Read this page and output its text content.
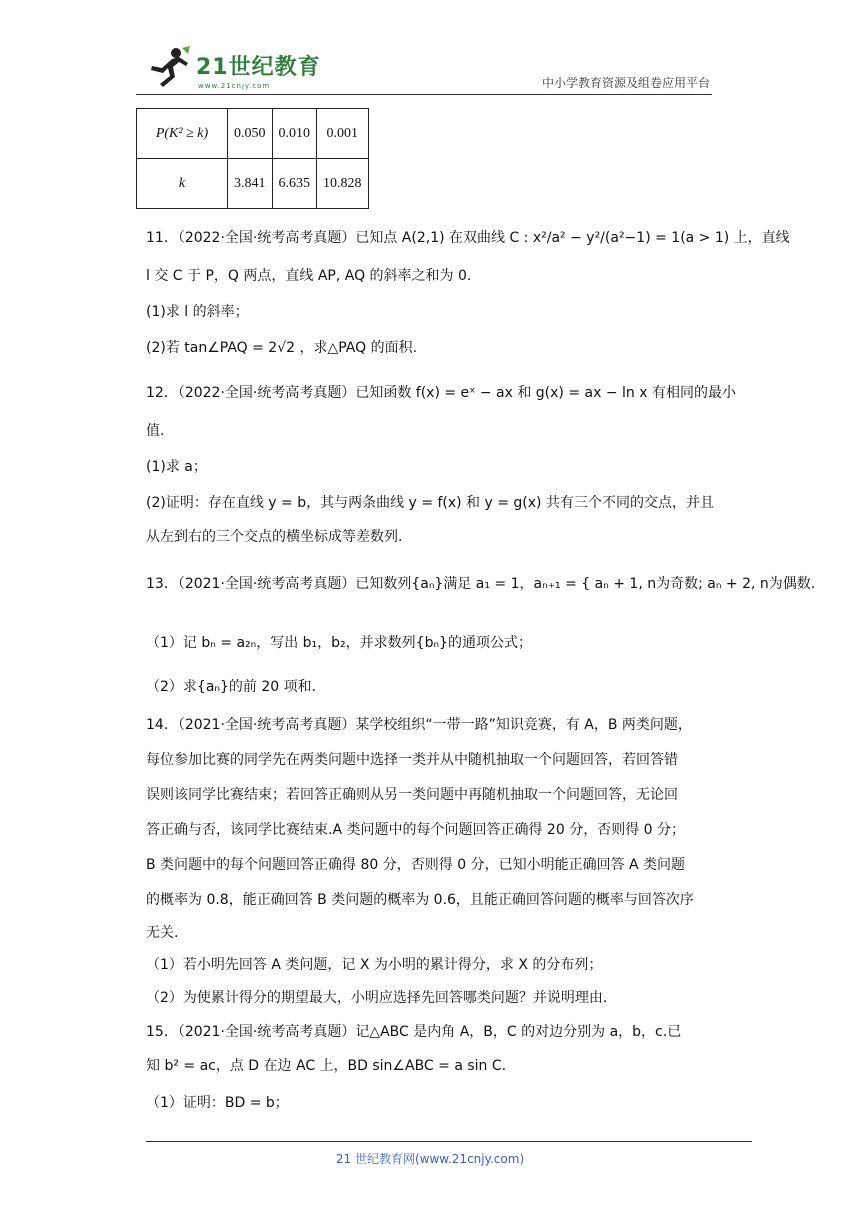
21世纪教育
www.21cnjy.com	中小学教育资源及组卷应用平台
P(K² ≥ k)	0.050	0.010	0.001
k	3.841	6.635	10.828
11．（2022·全国·统考高考真题）已知点 A(2,1) 在双曲线 C : x²/a² − y²/(a²−1) = 1(a > 1) 上，直线
l 交 C 于 P，Q 两点，直线 AP, AQ 的斜率之和为 0.
(1)求 l 的斜率；
(2)若 tan∠PAQ = 2√2 ，求△PAQ 的面积.
12．（2022·全国·统考高考真题）已知函数 f(x) = eˣ − ax 和 g(x) = ax − ln x 有相同的最小
值.
(1)求 a；
(2)证明：存在直线 y = b，其与两条曲线 y = f(x) 和 y = g(x) 共有三个不同的交点，并且
从左到右的三个交点的横坐标成等差数列.
13．（2021·全国·统考高考真题）已知数列{aₙ}满足 a₁ = 1，aₙ₊₁ = { aₙ + 1, n为奇数; aₙ + 2, n为偶数.
（1）记 bₙ = a₂ₙ，写出 b₁，b₂，并求数列{bₙ}的通项公式；
（2）求{aₙ}的前 20 项和.
14．（2021·全国·统考高考真题）某学校组织“一带一路”知识竞赛，有 A，B 两类问题，
每位参加比赛的同学先在两类问题中选择一类并从中随机抽取一个问题回答，若回答错
误则该同学比赛结束；若回答正确则从另一类问题中再随机抽取一个问题回答，无论回
答正确与否，该同学比赛结束.A 类问题中的每个问题回答正确得 20 分，否则得 0 分；
B 类问题中的每个问题回答正确得 80 分，否则得 0 分，已知小明能正确回答 A 类问题
的概率为 0.8，能正确回答 B 类问题的概率为 0.6，且能正确回答问题的概率与回答次序
无关.
（1）若小明先回答 A 类问题，记 X 为小明的累计得分，求 X 的分布列；
（2）为使累计得分的期望最大，小明应选择先回答哪类问题？并说明理由.
15．（2021·全国·统考高考真题）记△ABC 是内角 A，B，C 的对边分别为 a，b，c.已
知 b² = ac，点 D 在边 AC 上，BD sin∠ABC = a sin C.
（1）证明：BD = b；
21 世纪教育网(www.21cnjy.com)
